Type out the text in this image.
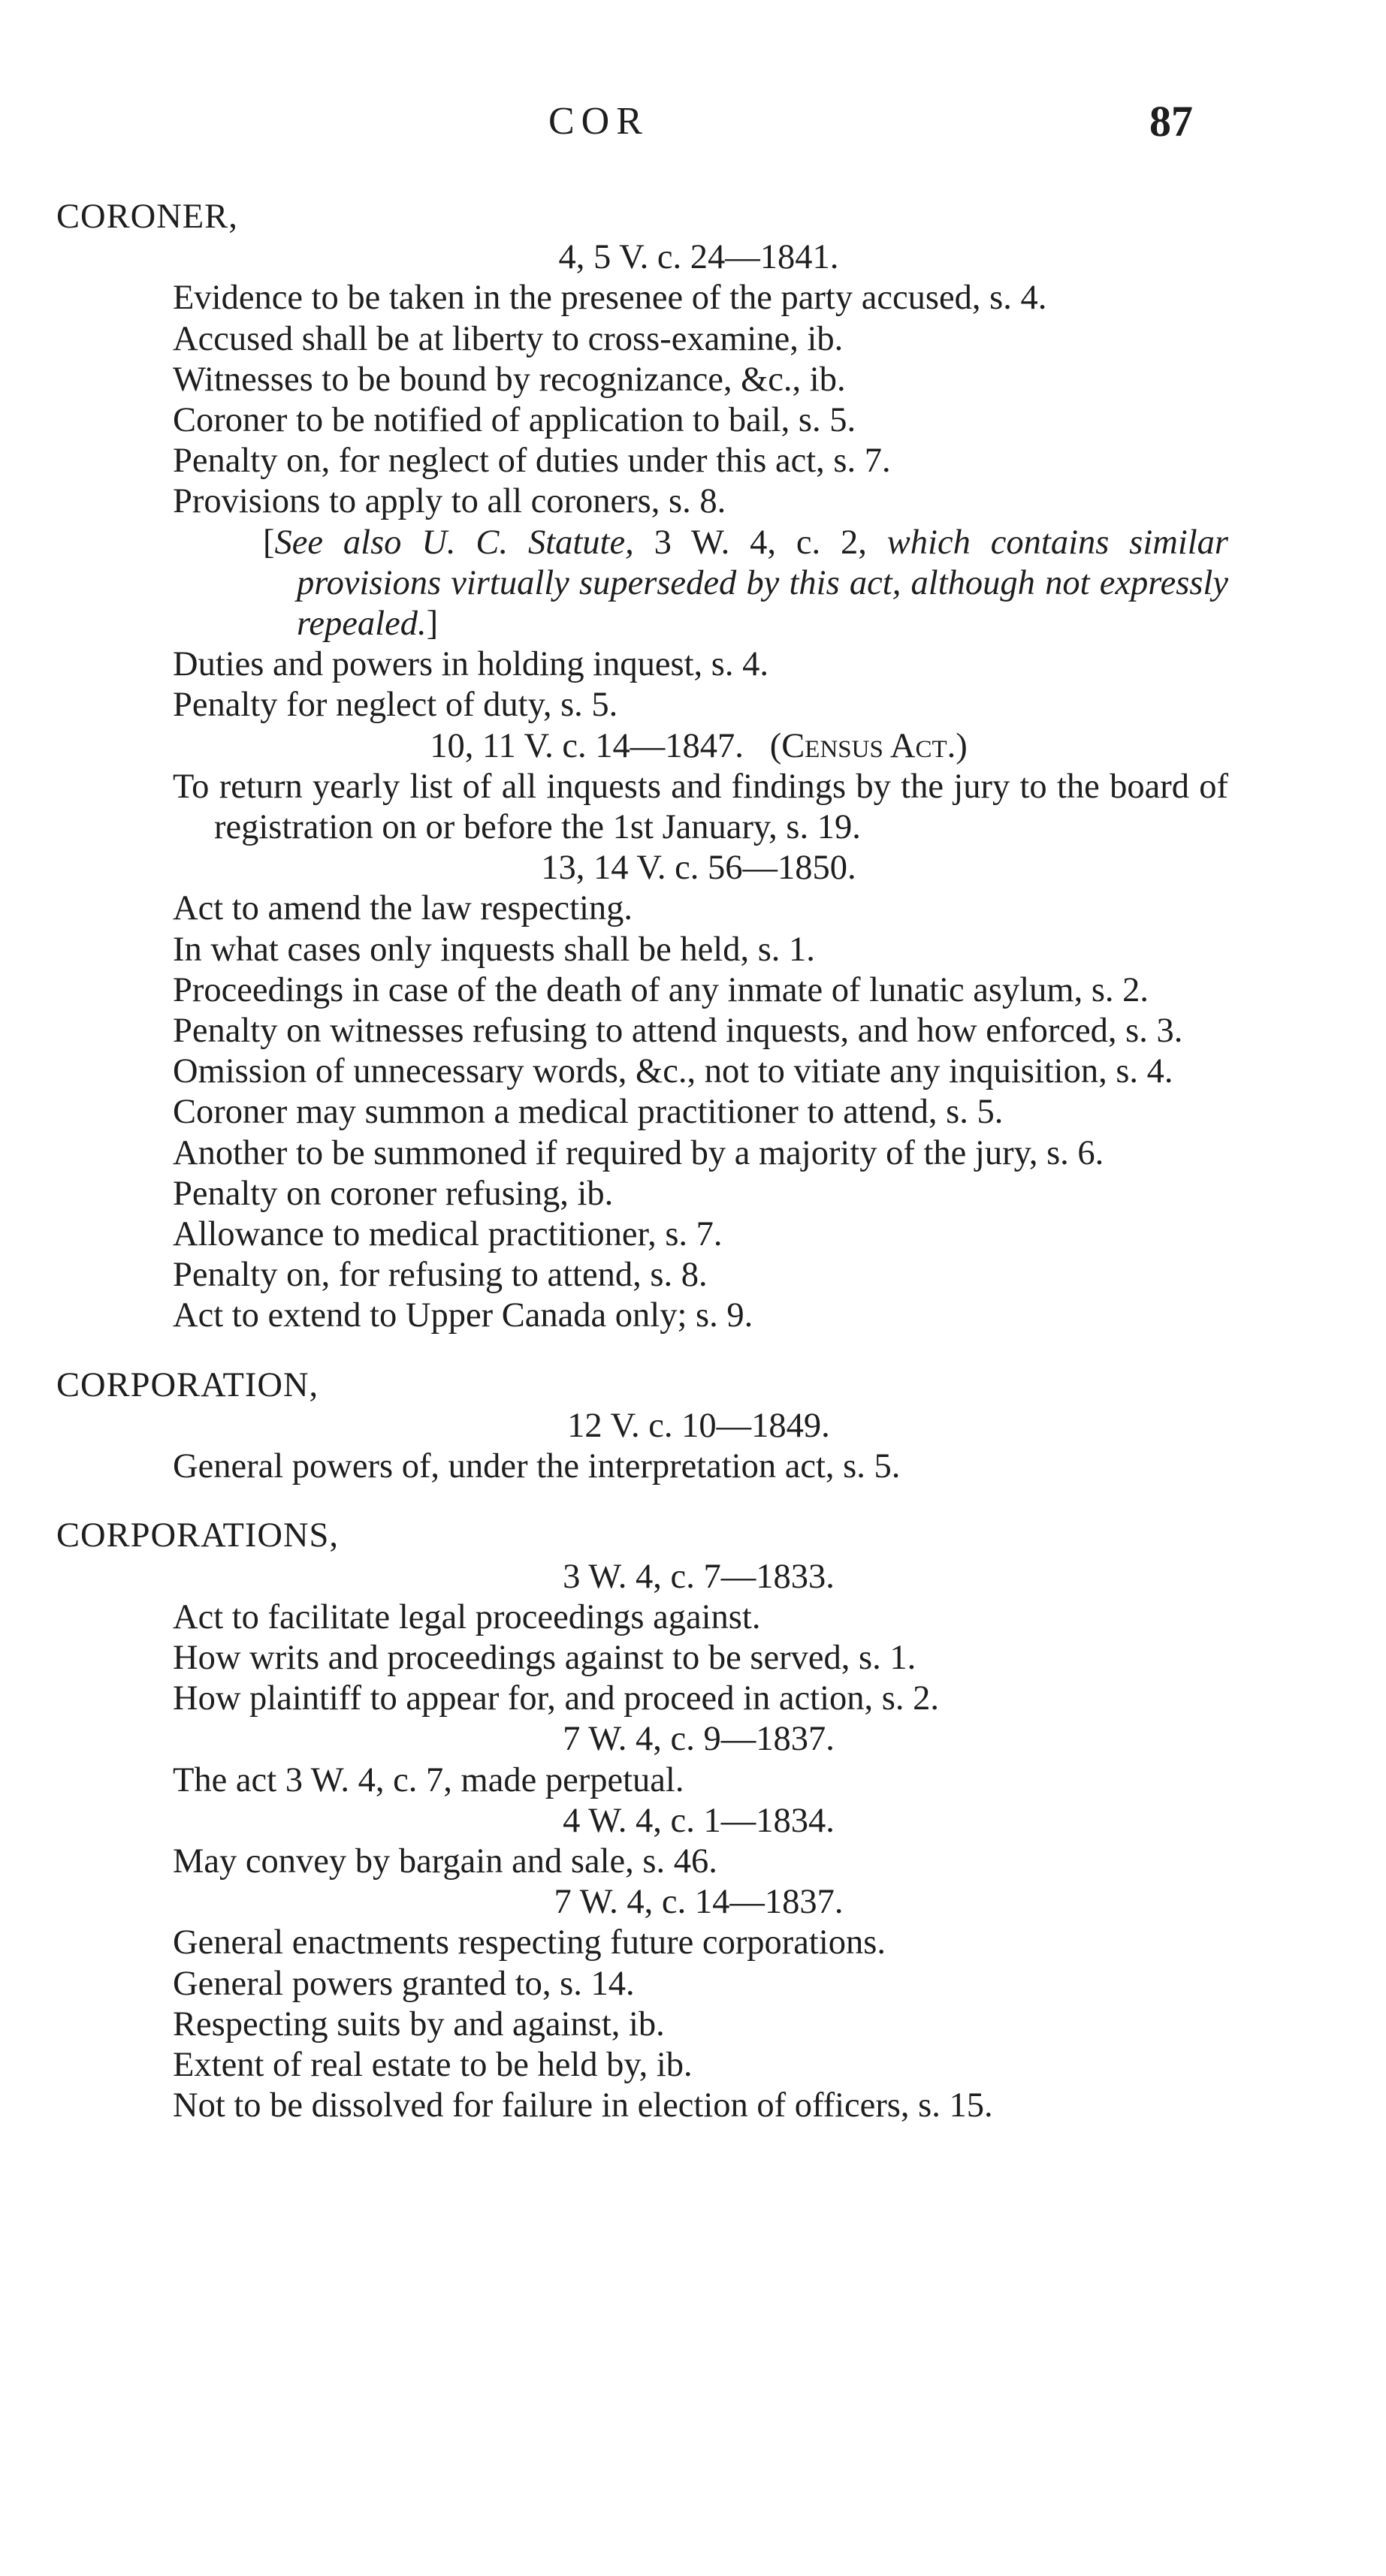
COR	87
CORONER,
4, 5 V. c. 24—1841.
Evidence to be taken in the presenee of the party accused, s. 4.
Accused shall be at liberty to cross-examine, ib.
Witnesses to be bound by recognizance, &c., ib.
Coroner to be notified of application to bail, s. 5.
Penalty on, for neglect of duties under this act, s. 7.
Provisions to apply to all coroners, s. 8.
[See also U. C. Statute, 3 W. 4, c. 2, which contains similar provisions virtually superseded by this act, although not expressly repealed.]
Duties and powers in holding inquest, s. 4.
Penalty for neglect of duty, s. 5.
10, 11 V. c. 14—1847. (Census Act.)
To return yearly list of all inquests and findings by the jury to the board of registration on or before the 1st January, s. 19.
13, 14 V. c. 56—1850.
Act to amend the law respecting.
In what cases only inquests shall be held, s. 1.
Proceedings in case of the death of any inmate of lunatic asylum, s. 2.
Penalty on witnesses refusing to attend inquests, and how enforced, s. 3.
Omission of unnecessary words, &c., not to vitiate any inquisition, s. 4.
Coroner may summon a medical practitioner to attend, s. 5.
Another to be summoned if required by a majority of the jury, s. 6.
Penalty on coroner refusing, ib.
Allowance to medical practitioner, s. 7.
Penalty on, for refusing to attend, s. 8.
Act to extend to Upper Canada only; s. 9.
CORPORATION,
12 V. c. 10—1849.
General powers of, under the interpretation act, s. 5.
CORPORATIONS,
3 W. 4, c. 7—1833.
Act to facilitate legal proceedings against.
How writs and proceedings against to be served, s. 1.
How plaintiff to appear for, and proceed in action, s. 2.
7 W. 4, c. 9—1837.
The act 3 W. 4, c. 7, made perpetual.
4 W. 4, c. 1—1834.
May convey by bargain and sale, s. 46.
7 W. 4, c. 14—1837.
General enactments respecting future corporations.
General powers granted to, s. 14.
Respecting suits by and against, ib.
Extent of real estate to be held by, ib.
Not to be dissolved for failure in election of officers, s. 15.
